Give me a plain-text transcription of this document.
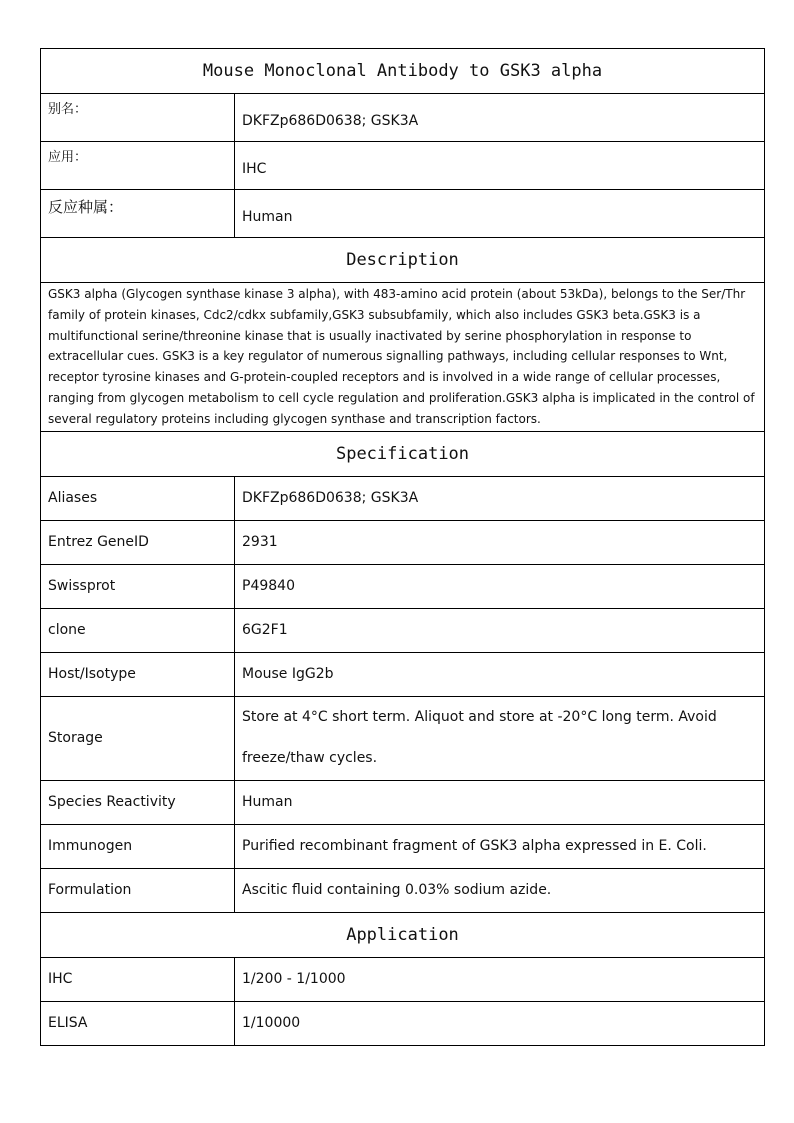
Mouse Monoclonal Antibody to GSK3 alpha	
别名：	DKFZp686D0638; GSK3A
应用：	IHC
反应种属：	Human
Description	
GSK3 alpha (Glycogen synthase kinase 3 alpha), with 483-amino acid protein (about 53kDa), belongs to the Ser/Thr family of protein kinases, Cdc2/cdkx subfamily,GSK3 subsubfamily, which also includes GSK3 beta.GSK3 is a multifunctional serine/threonine kinase that is usually inactivated by serine phosphorylation in response to extracellular cues. GSK3 is a key regulator of numerous signalling pathways, including cellular responses to Wnt, receptor tyrosine kinases and G-protein-coupled receptors and is involved in a wide range of cellular processes, ranging from glycogen metabolism to cell cycle regulation and proliferation.GSK3 alpha is implicated in the control of several regulatory proteins including glycogen synthase and transcription factors.	
Specification	
Aliases	DKFZp686D0638; GSK3A
Entrez GeneID	2931
Swissprot	P49840
clone	6G2F1
Host/Isotype	Mouse IgG2b
Storage	Store at 4°C short term. Aliquot and store at -20°C long term. Avoid freeze/thaw cycles.
Species Reactivity	Human
Immunogen	Purified recombinant fragment of GSK3 alpha expressed in E. Coli.
Formulation	Ascitic fluid containing 0.03% sodium azide.
Application	
IHC	1/200 - 1/1000
ELISA	1/10000
